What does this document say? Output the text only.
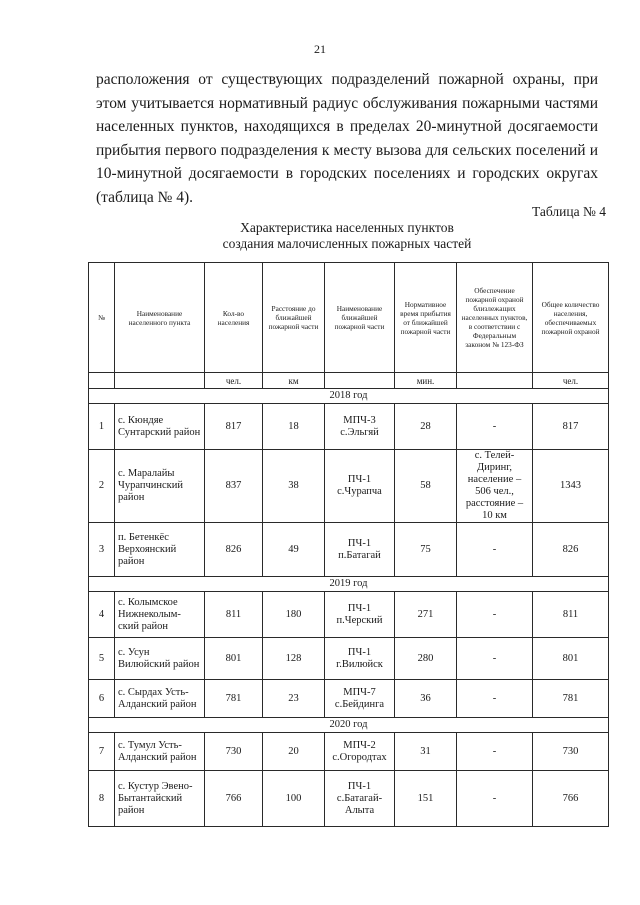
21

расположения от существующих подразделений пожарной охраны, при этом учитывается нормативный радиус обслуживания пожарными частями населенных пунктов, находящихся в пределах 20-минутной досягаемости прибытия первого подразделения к месту вызова для сельских поселений и 10-минутной досягаемости в городских поселениях и городских округах (таблица № 4).

Таблица № 4
Характеристика населенных пунктов
создания малочисленных пожарных частей
№	Наименование населенного пункта	Кол-во населения	Расстояние до ближайшей пожарной части	Наименование ближайшей пожарной части	Нормативное время прибытия от ближайшей пожарной части	Обеспечение пожарной охраной близлежащих населенных пунктов, в соответствии с Федеральным законом № 123-ФЗ	Общее количество населения, обеспечиваемых пожарной охраной
		чел.	км		мин.		чел.
2018 год							
1	с. Кюндяе Сунтарский район	817	18	МПЧ-3 с.Эльгяй	28	-	817
2	с. Маралайы Чурапчинский район	837	38	ПЧ-1 с.Чурапча	58	с. Телей-Диринг, население – 506 чел., расстояние – 10 км	1343
3	п. Бетенкёс Верхоянский район	826	49	ПЧ-1 п.Батагай	75	-	826
2019 год							
4	с. Колымское Нижнеколым-ский район	811	180	ПЧ-1 п.Черский	271	-	811
5	с. Усун Вилюйский район	801	128	ПЧ-1 г.Вилюйск	280	-	801
6	с. Сырдах Усть-Алданский район	781	23	МПЧ-7 с.Бейдинга	36	-	781
2020 год							
7	с. Тумул Усть-Алданский район	730	20	МПЧ-2 с.Огородтах	31	-	730
8	с. Кустур Эвено-Бытантайский район	766	100	ПЧ-1 с.Батагай-Алыта	151	-	766
